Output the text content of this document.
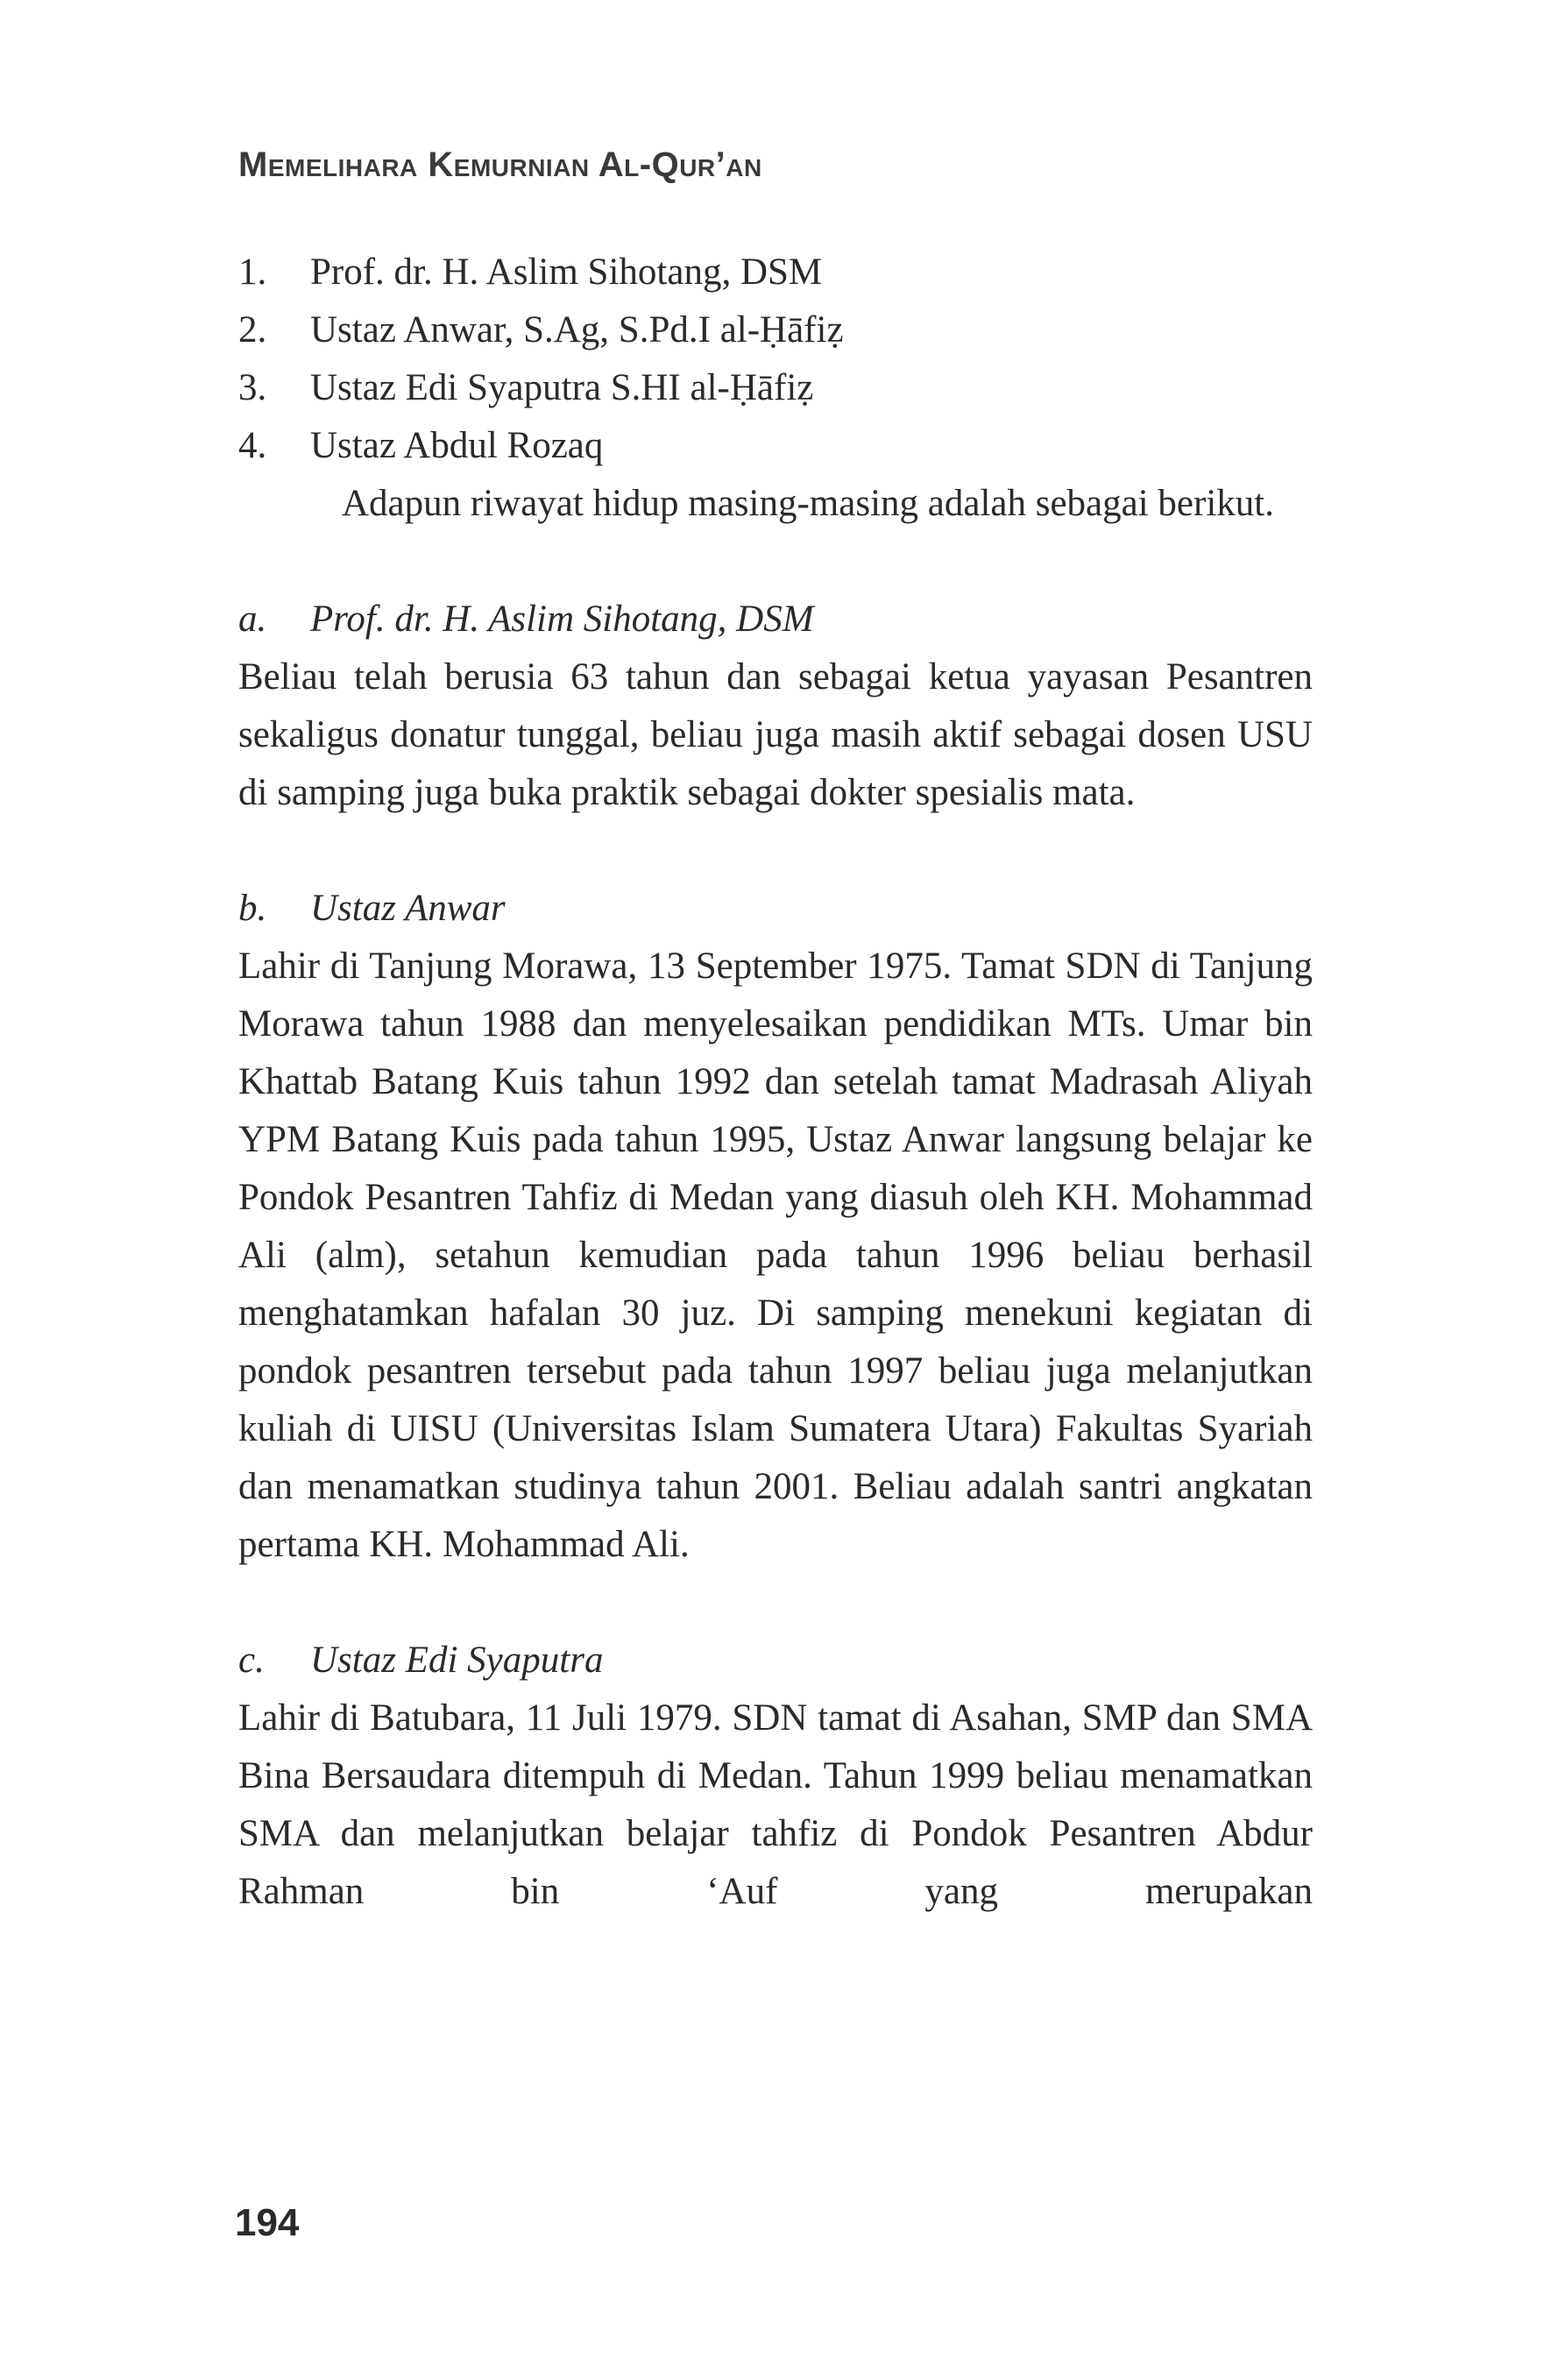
Memelihara Kemurnian Al-Qur’an
1. Prof. dr. H. Aslim Sihotang, DSM
2. Ustaz Anwar, S.Ag, S.Pd.I al-Ḥāfiẓ
3. Ustaz Edi Syaputra S.HI al-Ḥāfiẓ
4. Ustaz Abdul Rozaq

Adapun riwayat hidup masing-masing adalah sebagai berikut.

a. Prof. dr. H. Aslim Sihotang, DSM

Beliau telah berusia 63 tahun dan sebagai ketua yayasan Pesantren sekaligus donatur tunggal, beliau juga masih aktif sebagai dosen USU di samping juga buka praktik sebagai dokter spesialis mata.

b. Ustaz Anwar

Lahir di Tanjung Morawa, 13 September 1975. Tamat SDN di Tanjung Morawa tahun 1988 dan menyelesaikan pendidikan MTs. Umar bin Khattab Batang Kuis tahun 1992 dan setelah tamat Madrasah Aliyah YPM Batang Kuis pada tahun 1995, Ustaz Anwar langsung belajar ke Pondok Pesantren Tahfiz di Medan yang diasuh oleh KH. Mohammad Ali (alm), setahun kemudian pada tahun 1996 beliau berhasil menghatamkan hafalan 30 juz. Di samping menekuni kegiatan di pondok pesantren tersebut pada tahun 1997 beliau juga melanjutkan kuliah di UISU (Universitas Islam Sumatera Utara) Fakultas Syariah dan menamatkan studinya tahun 2001. Beliau adalah santri angkatan pertama KH. Mohammad Ali.

c. Ustaz Edi Syaputra

Lahir di Batubara, 11 Juli 1979. SDN tamat di Asahan, SMP dan SMA Bina Bersaudara ditempuh di Medan. Tahun 1999 beliau menamatkan SMA dan melanjutkan belajar tahfiz di Pondok Pesantren Abdur Rahman bin ‘Auf yang merupakan

194
